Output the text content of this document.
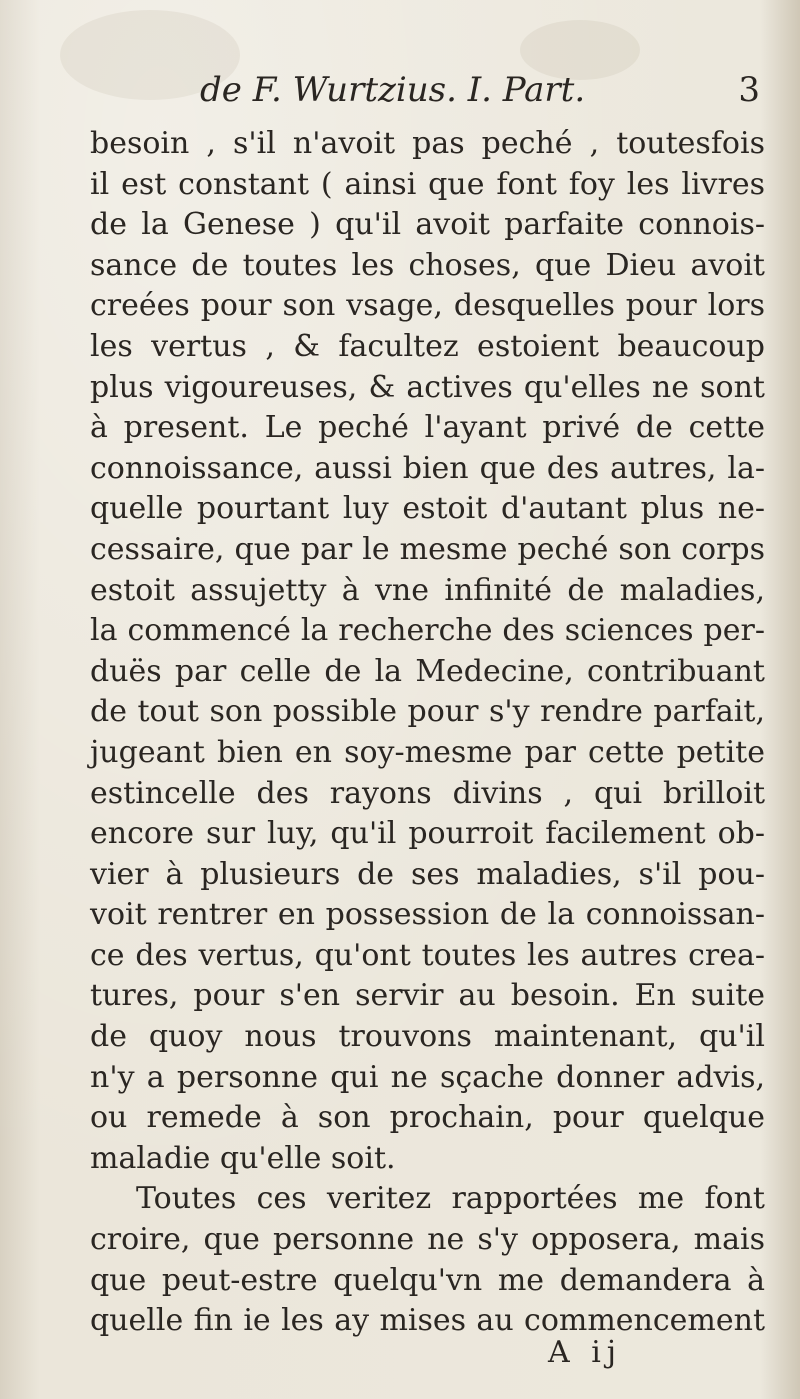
de F. Wurtzius. I. Part.	3
besoin , s'il n'avoit pas peché , toutesfois
il est constant ( ainsi que font foy les livres
de la Genese ) qu'il avoit parfaite connois-
sance de toutes les choses, que Dieu avoit
creées pour son vsage, desquelles pour lors
les vertus , & facultez estoient beaucoup
plus vigoureuses, & actives qu'elles ne sont
à present. Le peché l'ayant privé de cette
connoissance, aussi bien que des autres, la-
quelle pourtant luy estoit d'autant plus ne-
cessaire, que par le mesme peché son corps
estoit assujetty à vne infinité de maladies,
la commencé la recherche des sciences per-
duës par celle de la Medecine, contribuant
de tout son possible pour s'y rendre parfait,
jugeant bien en soy-mesme par cette petite
estincelle des rayons divins , qui brilloit
encore sur luy, qu'il pourroit facilement ob-
vier à plusieurs de ses maladies, s'il pou-
voit rentrer en possession de la connoissan-
ce des vertus, qu'ont toutes les autres crea-
tures, pour s'en servir au besoin. En suite
de quoy nous trouvons maintenant, qu'il
n'y a personne qui ne sçache donner advis,
ou remede à son prochain, pour quelque
maladie qu'elle soit.
Toutes ces veritez rapportées me font
croire, que personne ne s'y opposera, mais
que peut-estre quelqu'vn me demandera à
quelle fin ie les ay mises au commencement
A ij
